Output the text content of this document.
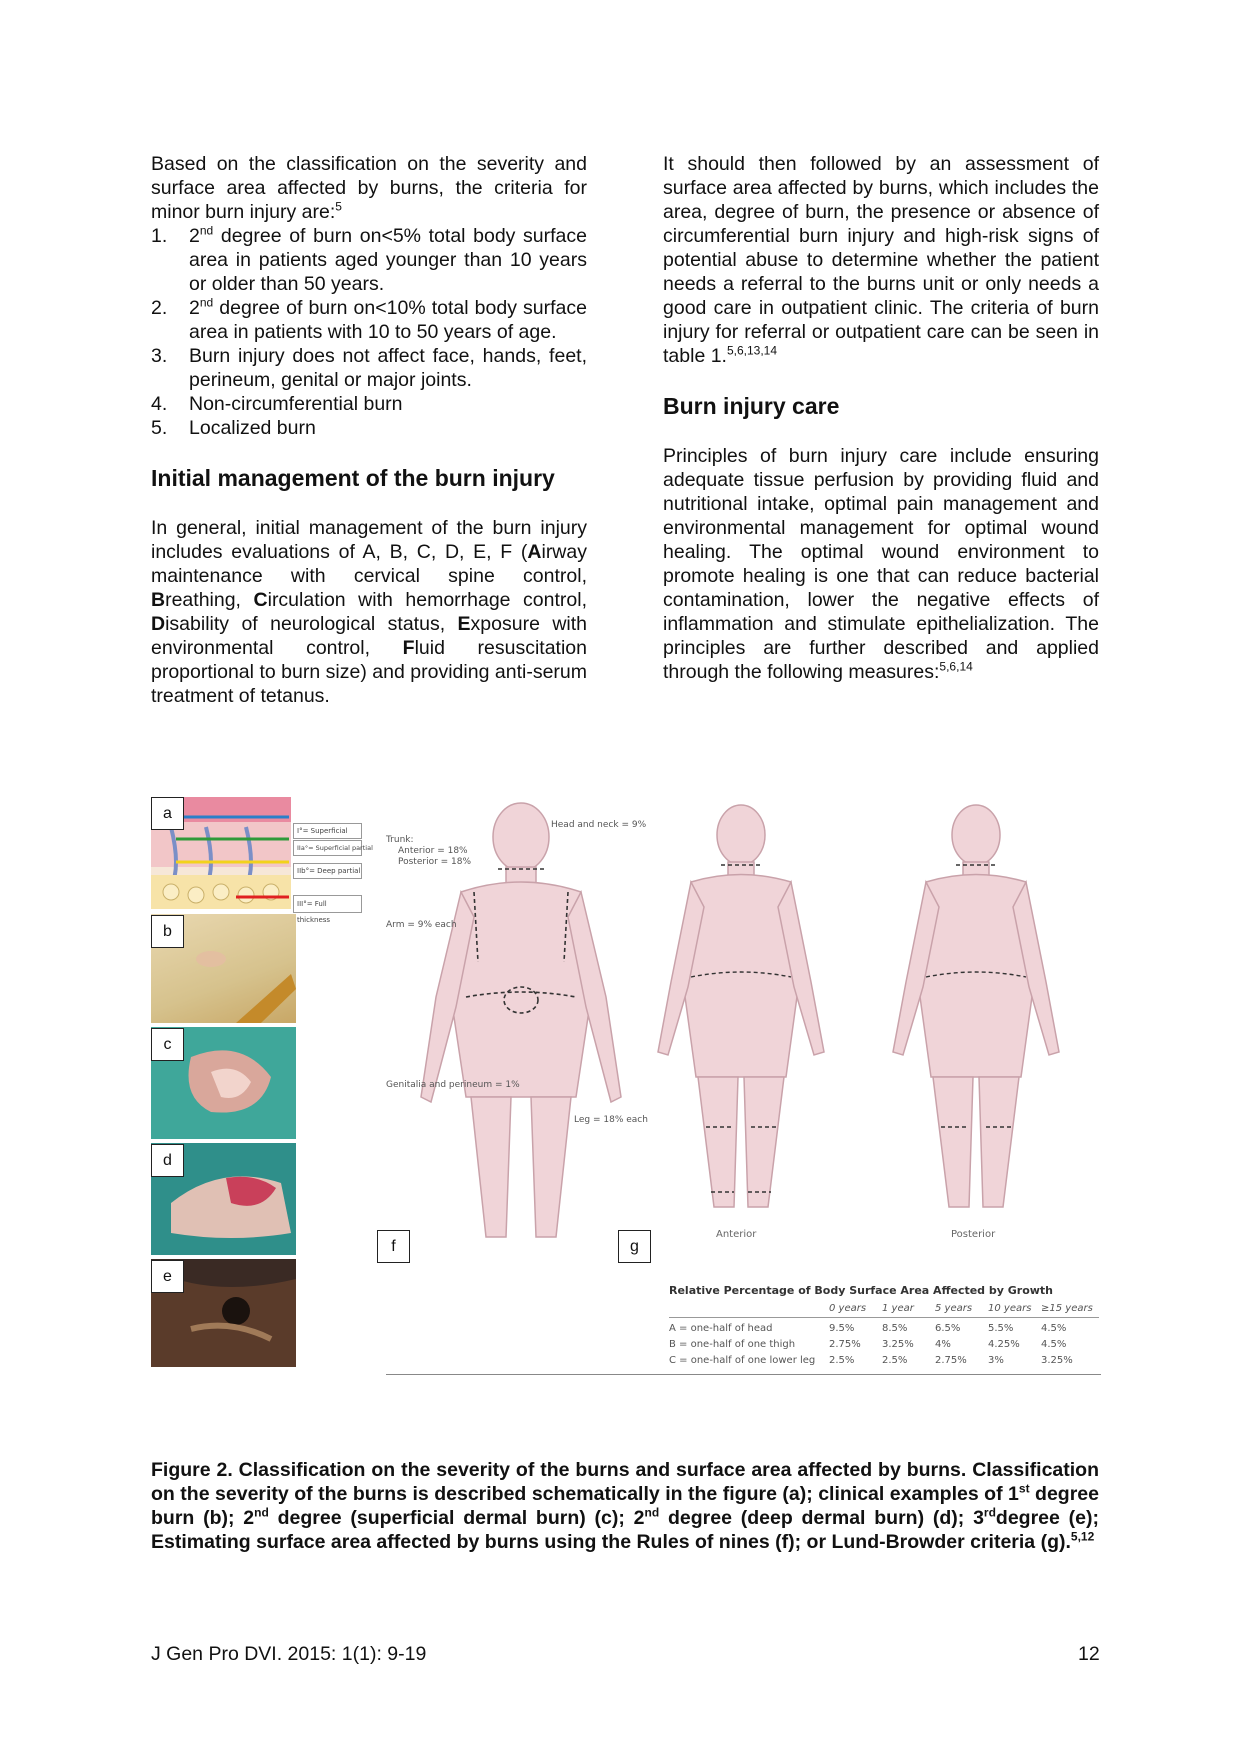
Based on the classification on the severity and surface area affected by burns, the criteria for minor burn injury are:$^5$

1. 2nd degree of burn on<5% total body surface area in patients aged younger than 10 years or older than 50 years.
2. 2nd degree of burn on<10% total body surface area in patients with 10 to 50 years of age.
3. Burn injury does not affect face, hands, feet, perineum, genital or major joints.
4. Non-circumferential burn
5. Localized burn
Initial management of the burn injury

In general, initial management of the burn injury includes evaluations of A, B, C, D, E, F (Airway maintenance with cervical spine control, Breathing, Circulation with hemorrhage control, Disability of neurological status, Exposure with environmental control, Fluid resuscitation proportional to burn size) and providing anti-serum treatment of tetanus.

It should then followed by an assessment of surface area affected by burns, which includes the area, degree of burn, the presence or absence of circumferential burn injury and high-risk signs of potential abuse to determine whether the patient needs a referral to the burns unit or only needs a good care in outpatient clinic. The criteria of burn injury for referral or outpatient care can be seen in table 1.$^{5,6,13,14}$

Burn injury care

Principles of burn injury care include ensuring adequate tissue perfusion by providing fluid and nutritional intake, optimal pain management and environmental management for optimal wound healing. The optimal wound environment to promote healing is one that can reduce bacterial contamination, lower the negative effects of inflammation and stimulate epithelialization. The principles are further described and applied through the following measures:$^{5,6,14}$

I°= Superficial
IIa°= Superficial partial
IIb°= Deep partial
III°= Full thickness
a
b
c
d
e
Head and neck = 9%
Trunk:
Anterior = 18%
Posterior = 18%
Arm = 9% each
Genitalia and perineum = 1%
Leg = 18% each
Anterior	Posterior
f	g
Relative Percentage of Body Surface Area Affected by Growth
0 years	1 year	5 years	10 years ≥15 years
A = one-half of head	9.5%	8.5%	6.5%	5.5%	4.5%
B = one-half of one thigh	2.75%	3.25%	4%	4.25%	4.5%
C = one-half of one lower leg	2.5%	2.5%	2.75%	3%	3.25%
Figure 2. Classification on the severity of the burns and surface area affected by burns. Classification on the severity of the burns is described schematically in the figure (a); clinical examples of 1st degree burn (b); 2nd degree (superficial dermal burn) (c); 2nd degree (deep dermal burn) (d); 3rddegree (e); Estimating surface area affected by burns using the Rules of nines (f); or Lund-Browder criteria (g).$^{5,12}$
J Gen Pro DVI. 2015: 1(1): 9-19	12
